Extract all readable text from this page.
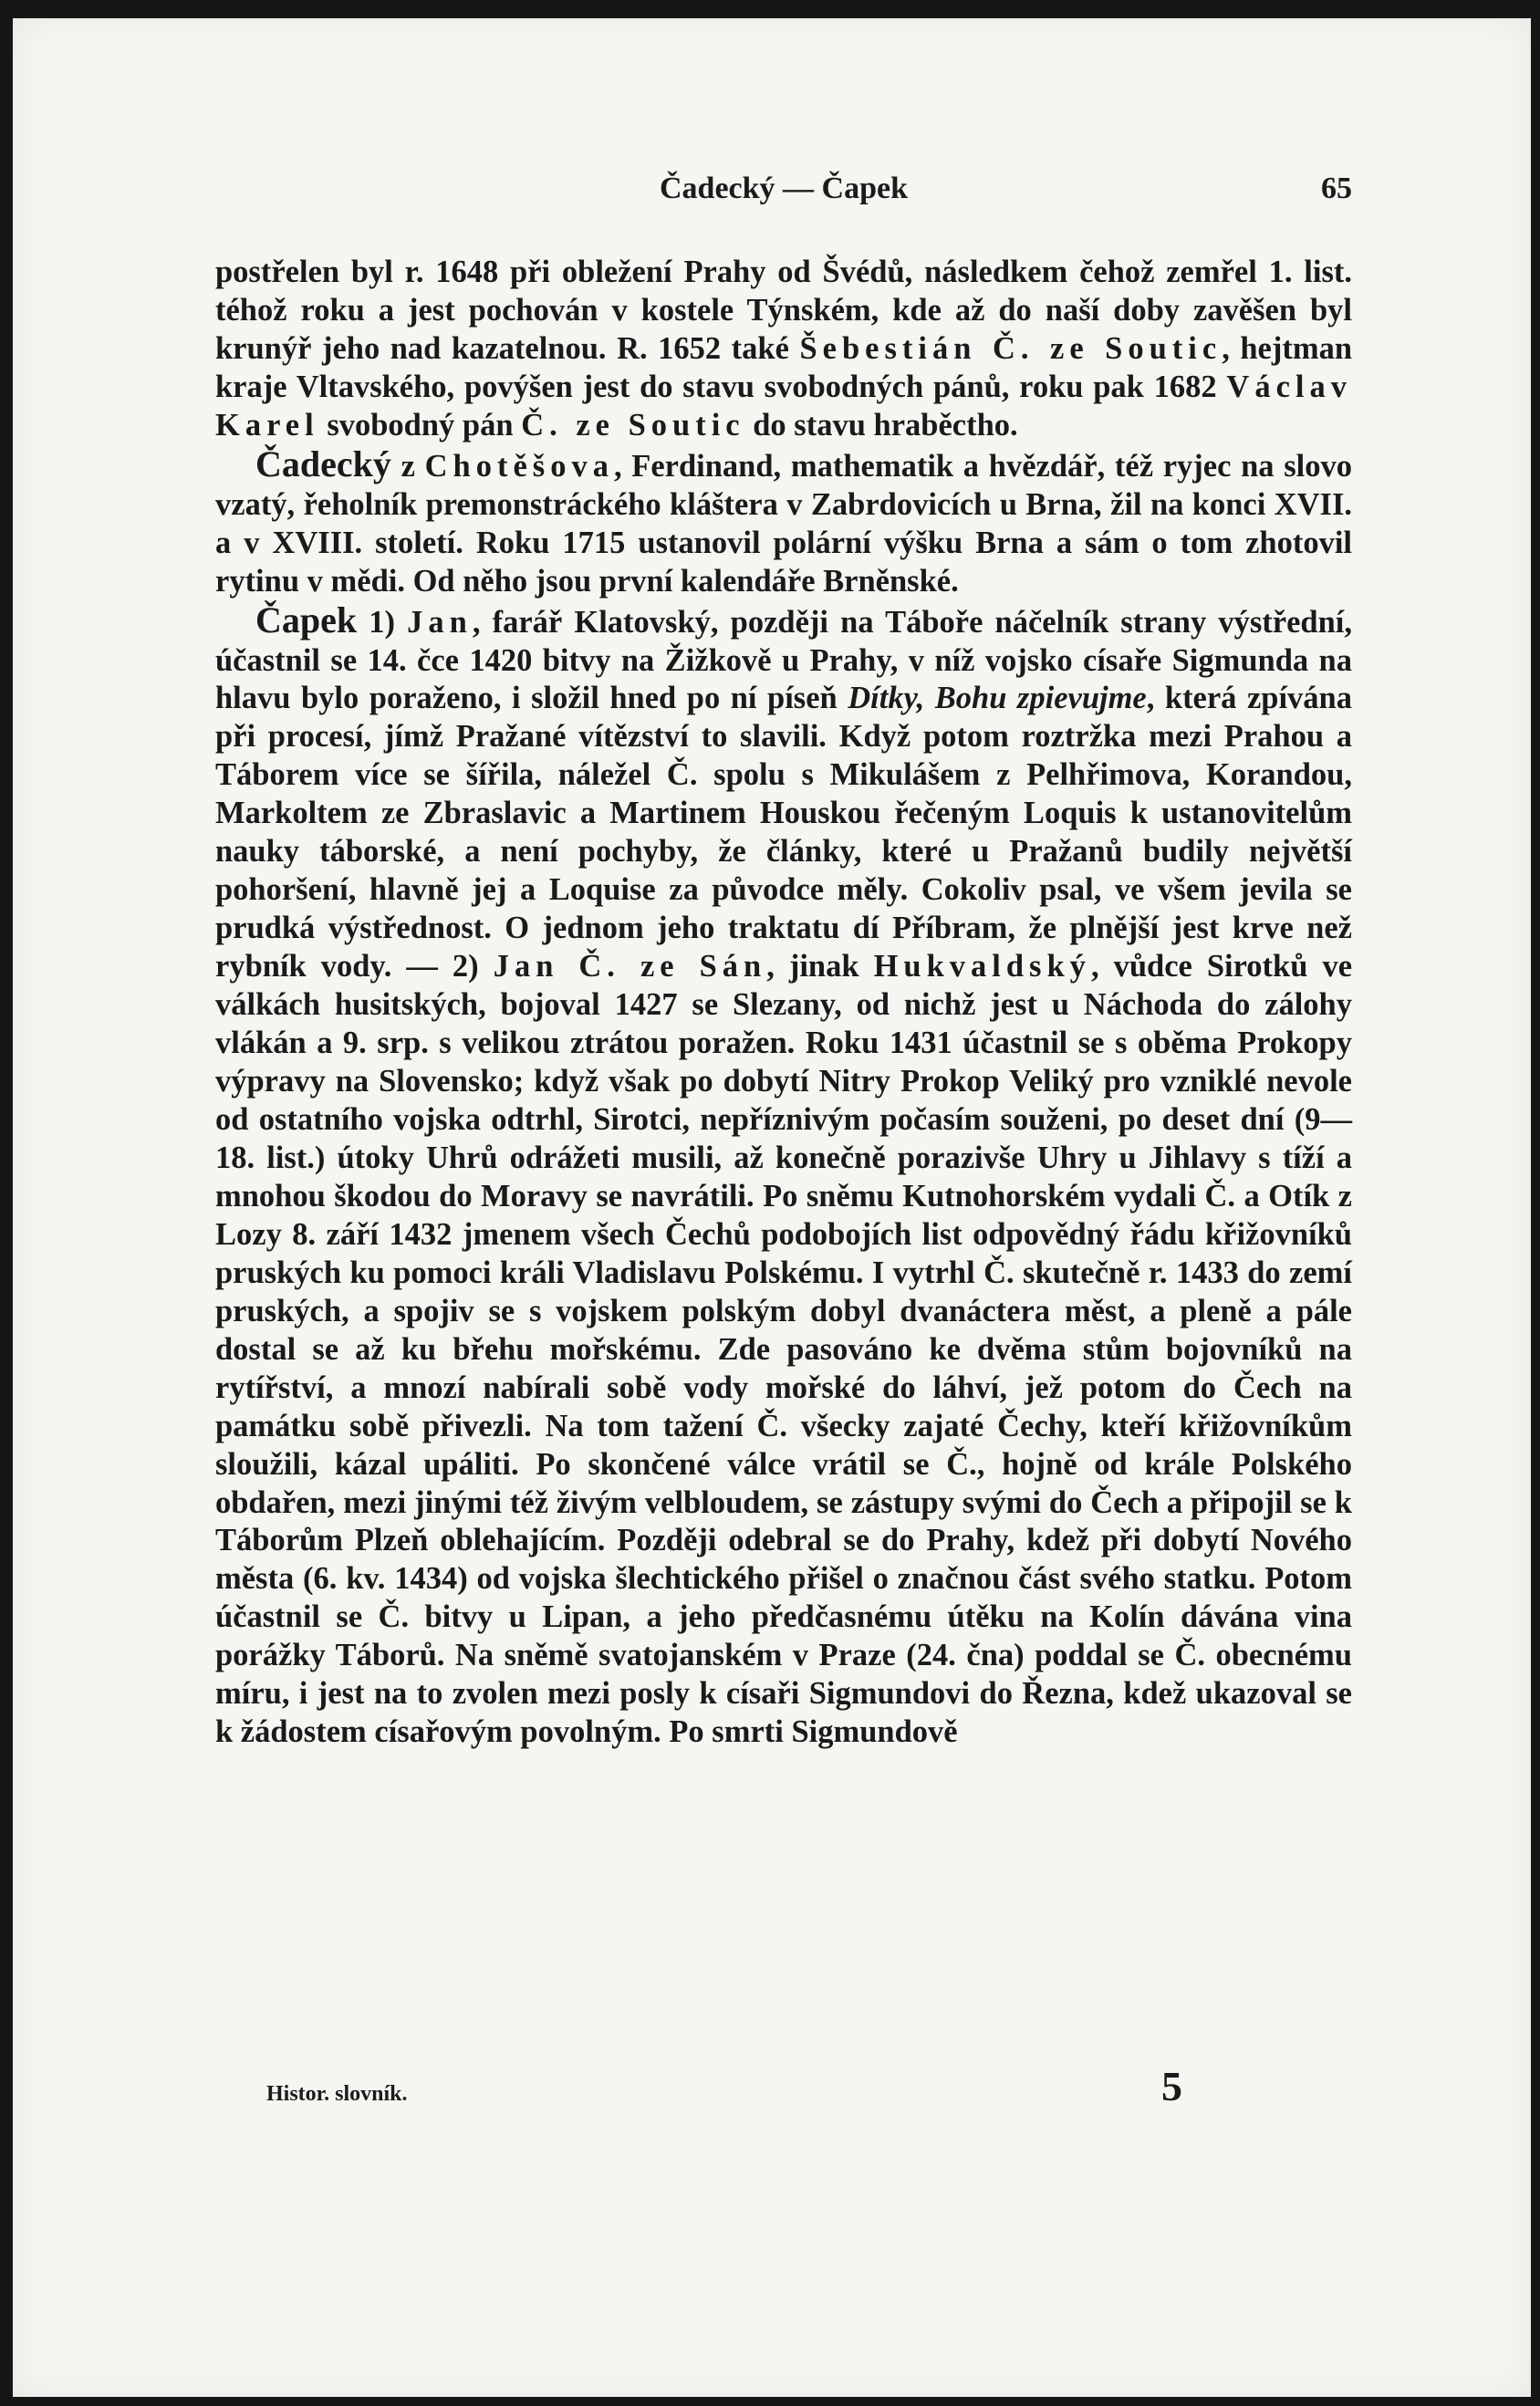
Čadecký — Čapek	65

postřelen byl r. 1648 při obležení Prahy od Švédů, následkem čehož zemřel 1. list. téhož roku a jest pochován v kostele Týnském, kde až do naší doby zavěšen byl krunýř jeho nad kazatelnou. R. 1652 také Šebestián Č. ze Soutic, hejtman kraje Vltavského, povýšen jest do stavu svobodných pánů, roku pak 1682 Václav Karel svobodný pán Č. ze Soutic do stavu hraběctho.

Čadecký z Chotěšova, Ferdinand, mathematik a hvězdář, též ryjec na slovo vzatý, řeholník premonstráckého kláštera v Zabrdovicích u Brna, žil na konci XVII. a v XVIII. století. Roku 1715 ustanovil polární výšku Brna a sám o tom zhotovil rytinu v mědi. Od něho jsou první kalendáře Brněnské.

Čapek 1) Jan, farář Klatovský, později na Táboře náčelník strany výstřední, účastnil se 14. čce 1420 bitvy na Žižkově u Prahy, v níž vojsko císaře Sigmunda na hlavu bylo poraženo, i složil hned po ní píseň Dítky, Bohu zpievujme, která zpívána při procesí, jímž Pražané vítězství to slavili. Když potom roztržka mezi Prahou a Táborem více se šířila, náležel Č. spolu s Mikulášem z Pelhřimova, Korandou, Markoltem ze Zbraslavic a Martinem Houskou řečeným Loquis k ustanovitelům nauky táborské, a není pochyby, že články, které u Pražanů budily největší pohoršení, hlavně jej a Loquise za původce měly. Cokoliv psal, ve všem jevila se prudká výstřednost. O jednom jeho traktatu dí Příbram, že plnější jest krve než rybník vody. — 2) Jan Č. ze Sán, jinak Hukvaldský, vůdce Sirotků ve válkách husitských, bojoval 1427 se Slezany, od nichž jest u Náchoda do zálohy vlákán a 9. srp. s velikou ztrátou poražen. Roku 1431 účastnil se s oběma Prokopy výpravy na Slovensko; když však po dobytí Nitry Prokop Veliký pro vzniklé nevole od ostatního vojska odtrhl, Sirotci, nepříznivým počasím souženi, po deset dní (9—18. list.) útoky Uhrů odrážeti musili, až konečně porazivše Uhry u Jihlavy s tíží a mnohou škodou do Moravy se navrátili. Po sněmu Kutnohorském vydali Č. a Otík z Lozy 8. září 1432 jmenem všech Čechů podobojích list odpovědný řádu křižovníků pruských ku pomoci králi Vladislavu Polskému. I vytrhl Č. skutečně r. 1433 do zemí pruských, a spojiv se s vojskem polským dobyl dvanáctera měst, a pleně a pále dostal se až ku břehu mořskému. Zde pasováno ke dvěma stům bojovníků na rytířství, a mnozí nabírali sobě vody mořské do láhví, jež potom do Čech na památku sobě přivezli. Na tom tažení Č. všecky zajaté Čechy, kteří křižovníkům sloužili, kázal upáliti. Po skončené válce vrátil se Č., hojně od krále Polského obdařen, mezi jinými též živým velbloudem, se zástupy svými do Čech a připojil se k Táborům Plzeň oblehajícím. Později odebral se do Prahy, kdež při dobytí Nového města (6. kv. 1434) od vojska šlechtického přišel o značnou část svého statku. Potom účastnil se Č. bitvy u Lipan, a jeho předčasnému útěku na Kolín dávána vina porážky Táborů. Na sněmě svatojanském v Praze (24. čna) poddal se Č. obecnému míru, i jest na to zvolen mezi posly k císaři Sigmundovi do Řezna, kdež ukazoval se k žádostem císařovým povolným. Po smrti Sigmundově

Histor. slovník.	5
